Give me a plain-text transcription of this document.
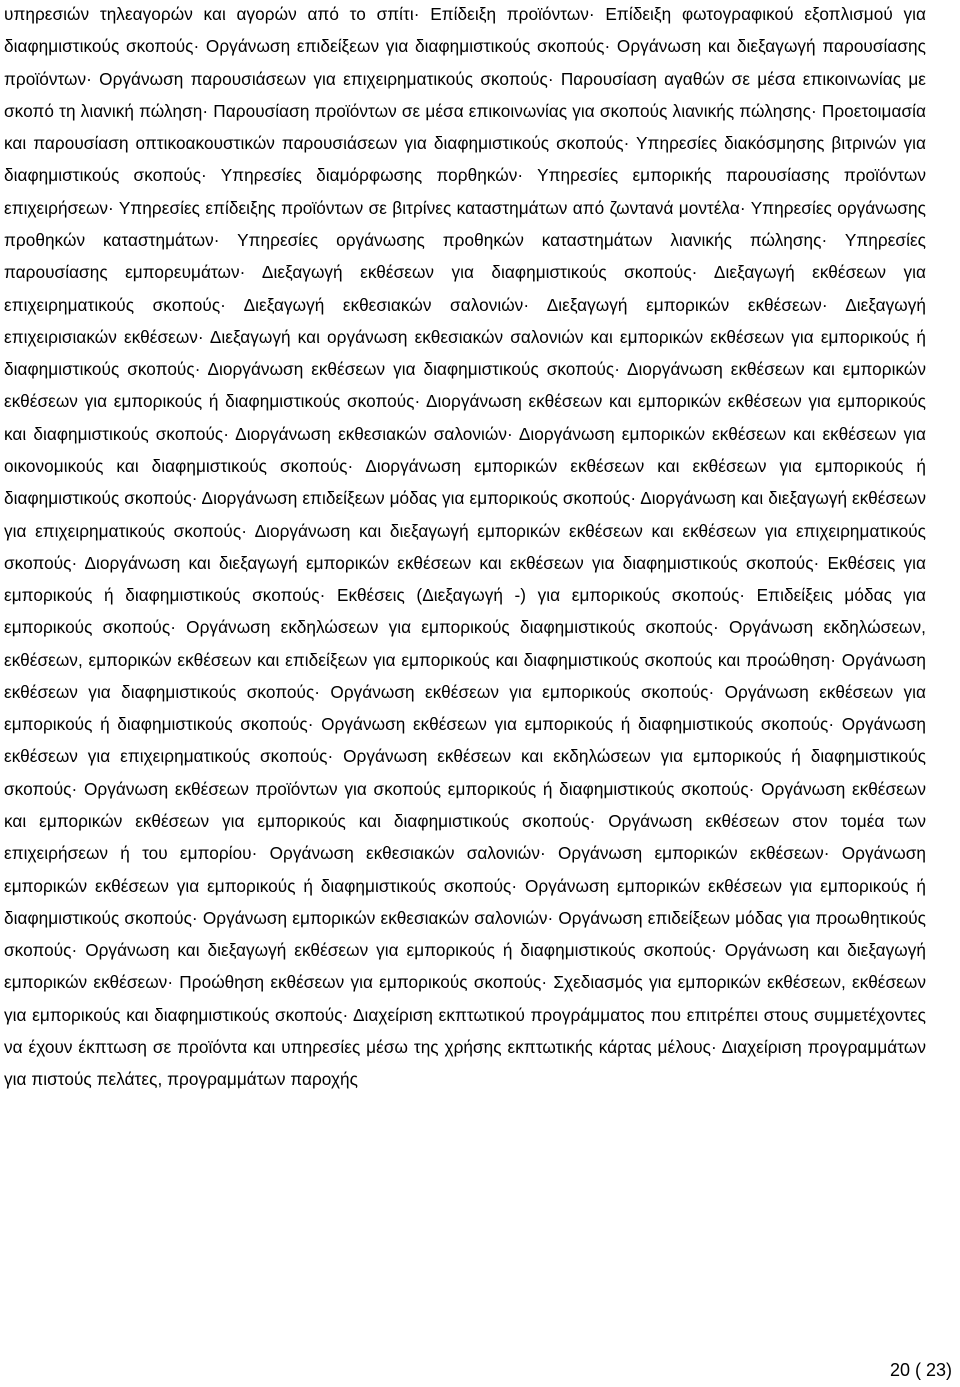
υπηρεσιών τηλεαγορών και αγορών από το σπίτι· Επίδειξη προϊόντων· Επίδειξη φωτογραφικού εξοπλισμού για διαφημιστικούς σκοπούς· Οργάνωση επιδείξεων για διαφημιστικούς σκοπούς· Οργάνωση και διεξαγωγή παρουσίασης προϊόντων· Οργάνωση παρουσιάσεων για επιχειρηματικούς σκοπούς· Παρουσίαση αγαθών σε μέσα επικοινωνίας με σκοπό τη λιανική πώληση· Παρουσίαση προϊόντων σε μέσα επικοινωνίας για σκοπούς λιανικής πώλησης· Προετοιμασία και παρουσίαση οπτικοακουστικών παρουσιάσεων για διαφημιστικούς σκοπούς· Υπηρεσίες διακόσμησης βιτρινών για διαφημιστικούς σκοπούς· Υπηρεσίες διαμόρφωσης πορθηκών· Υπηρεσίες εμπορικής παρουσίασης προϊόντων επιχειρήσεων· Υπηρεσίες επίδειξης προϊόντων σε βιτρίνες καταστημάτων από ζωντανά μοντέλα· Υπηρεσίες οργάνωσης προθηκών καταστημάτων· Υπηρεσίες οργάνωσης προθηκών καταστημάτων λιανικής πώλησης· Υπηρεσίες παρουσίασης εμπορευμάτων· Διεξαγωγή εκθέσεων για διαφημιστικούς σκοπούς· Διεξαγωγή εκθέσεων για επιχειρηματικούς σκοπούς· Διεξαγωγή εκθεσιακών σαλονιών· Διεξαγωγή εμπορικών εκθέσεων· Διεξαγωγή επιχειρισιακών εκθέσεων· Διεξαγωγή και οργάνωση εκθεσιακών σαλονιών και εμπορικών εκθέσεων για εμπορικούς ή διαφημιστικούς σκοπούς· Διοργάνωση εκθέσεων για διαφημιστικούς σκοπούς· Διοργάνωση εκθέσεων και εμπορικών εκθέσεων για εμπορικούς ή διαφημιστικούς σκοπούς· Διοργάνωση εκθέσεων και εμπορικών εκθέσεων για εμπορικούς και διαφημιστικούς σκοπούς· Διοργάνωση εκθεσιακών σαλονιών· Διοργάνωση εμπορικών εκθέσεων και εκθέσεων για οικονομικούς και διαφημιστικούς σκοπούς· Διοργάνωση εμπορικών εκθέσεων και εκθέσεων για εμπορικούς ή διαφημιστικούς σκοπούς· Διοργάνωση επιδείξεων μόδας για εμπορικούς σκοπούς· Διοργάνωση και διεξαγωγή εκθέσεων για επιχειρηματικούς σκοπούς· Διοργάνωση και διεξαγωγή εμπορικών εκθέσεων και εκθέσεων για επιχειρηματικούς σκοπούς· Διοργάνωση και διεξαγωγή εμπορικών εκθέσεων και εκθέσεων για διαφημιστικούς σκοπούς· Εκθέσεις για εμπορικούς ή διαφημιστικούς σκοπούς· Εκθέσεις (Διεξαγωγή -) για εμπορικούς σκοπούς· Επιδείξεις μόδας για εμπορικούς σκοπούς· Οργάνωση εκδηλώσεων για εμπορικούς διαφημιστικούς σκοπούς· Οργάνωση εκδηλώσεων, εκθέσεων, εμπορικών εκθέσεων και επιδείξεων για εμπορικούς και διαφημιστικούς σκοπούς και προώθηση· Οργάνωση εκθέσεων για διαφημιστικούς σκοπούς· Οργάνωση εκθέσεων για εμπορικούς σκοπούς· Οργάνωση εκθέσεων για εμπορικούς ή διαφημιστικούς σκοπούς· Οργάνωση εκθέσεων για εμπορικούς ή διαφημιστικούς σκοπούς· Οργάνωση εκθέσεων για επιχειρηματικούς σκοπούς· Οργάνωση εκθέσεων και εκδηλώσεων για εμπορικούς ή διαφημιστικούς σκοπούς· Οργάνωση εκθέσεων προϊόντων για σκοπούς εμπορικούς ή διαφημιστικούς σκοπούς· Οργάνωση εκθέσεων και εμπορικών εκθέσεων για εμπορικούς και διαφημιστικούς σκοπούς· Οργάνωση εκθέσεων στον τομέα των επιχειρήσεων ή του εμπορίου· Οργάνωση εκθεσιακών σαλονιών· Οργάνωση εμπορικών εκθέσεων· Οργάνωση εμπορικών εκθέσεων για εμπορικούς ή διαφημιστικούς σκοπούς· Οργάνωση εμπορικών εκθέσεων για εμπορικούς ή διαφημιστικούς σκοπούς· Οργάνωση εμπορικών εκθεσιακών σαλονιών· Οργάνωση επιδείξεων μόδας για προωθητικούς σκοπούς· Οργάνωση και διεξαγωγή εκθέσεων για εμπορικούς ή διαφημιστικούς σκοπούς· Οργάνωση και διεξαγωγή εμπορικών εκθέσεων· Προώθηση εκθέσεων για εμπορικούς σκοπούς· Σχεδιασμός για εμπορικών εκθέσεων, εκθέσεων για εμπορικούς και διαφημιστικούς σκοπούς· Διαχείριση εκπτωτικού προγράμματος που επιτρέπει στους συμμετέχοντες να έχουν έκπτωση σε προϊόντα και υπηρεσίες μέσω της χρήσης εκπτωτικής κάρτας μέλους· Διαχείριση προγραμμάτων για πιστούς πελάτες, προγραμμάτων παροχής

20 ( 23)
